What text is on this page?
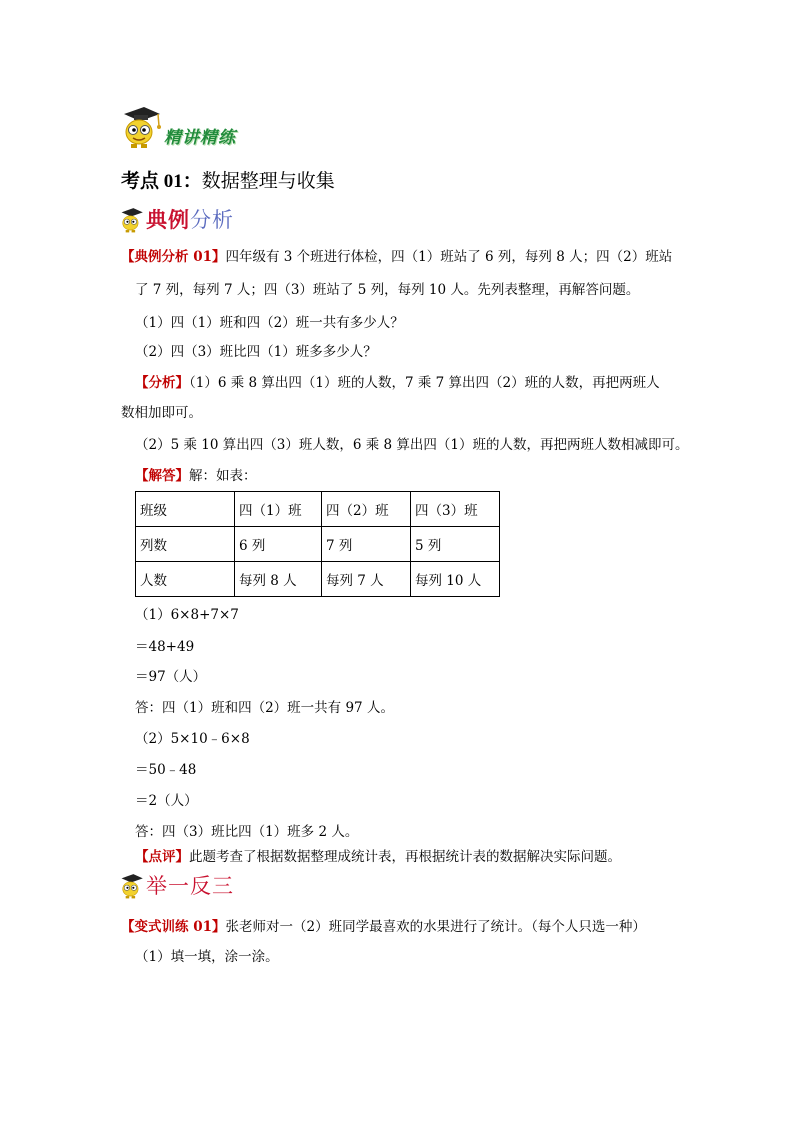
精讲精练
考点 01：数据整理与收集
典例分析
【典例分析 01】四年级有 3 个班进行体检，四（1）班站了 6 列，每列 8 人；四（2）班站
了 7 列，每列 7 人；四（3）班站了 5 列，每列 10 人。先列表整理，再解答问题。
（1）四（1）班和四（2）班一共有多少人？
（2）四（3）班比四（1）班多多少人？
【分析】（1）6 乘 8 算出四（1）班的人数，7 乘 7 算出四（2）班的人数，再把两班人
数相加即可。
（2）5 乘 10 算出四（3）班人数，6 乘 8 算出四（1）班的人数，再把两班人数相减即可。
【解答】解：如表：
班级	四（1）班	四（2）班	四（3）班
列数	6 列	7 列	5 列
人数	每列 8 人	每列 7 人	每列 10 人
（1）6×8+7×7
＝48+49
＝97（人）
答：四（1）班和四（2）班一共有 97 人。
（2）5×10﹣6×8
＝50﹣48
＝2（人）
答：四（3）班比四（1）班多 2 人。
【点评】此题考查了根据数据整理成统计表，再根据统计表的数据解决实际问题。
举一反三
【变式训练 01】张老师对一（2）班同学最喜欢的水果进行了统计。（每个人只选一种）
（1）填一填，涂一涂。
